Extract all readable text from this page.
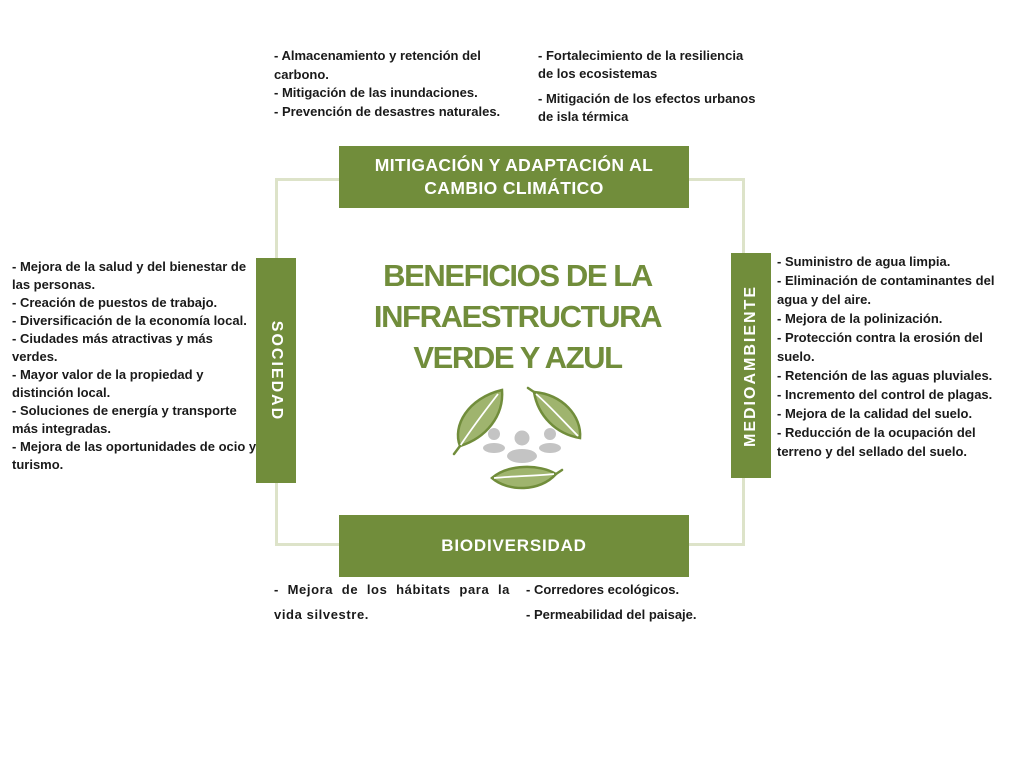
MITIGACIÓN Y ADAPTACIÓN AL
CAMBIO CLIMÁTICO
BIODIVERSIDAD
SOCIEDAD	MEDIOAMBIENTE
BENEFICIOS DE LA
INFRAESTRUCTURA
VERDE Y AZUL
- Almacenamiento y retención del carbono.
- Mitigación de las inundaciones.
- Prevención de desastres naturales.
- Fortalecimiento de la resiliencia de los ecosistemas
- Mitigación de los efectos urbanos de isla térmica
- Mejora de la salud y del bienestar de las personas.
- Creación de puestos de trabajo.
- Diversificación de la economía local.
- Ciudades más atractivas y más verdes.
- Mayor valor de la propiedad y distinción local.
- Soluciones de energía y transporte más integradas.
- Mejora de las oportunidades de ocio y turismo.
- Suministro de agua limpia.
- Eliminación de contaminantes del agua y del aire.
- Mejora de la polinización.
- Protección contra la erosión del suelo.
- Retención de las aguas pluviales.
- Incremento del control de plagas.
- Mejora de la calidad del suelo.
- Reducción de la ocupación del terreno y del sellado del suelo.
- Mejora de los hábitats para la vida silvestre.
- Corredores ecológicos.
- Permeabilidad del paisaje.
